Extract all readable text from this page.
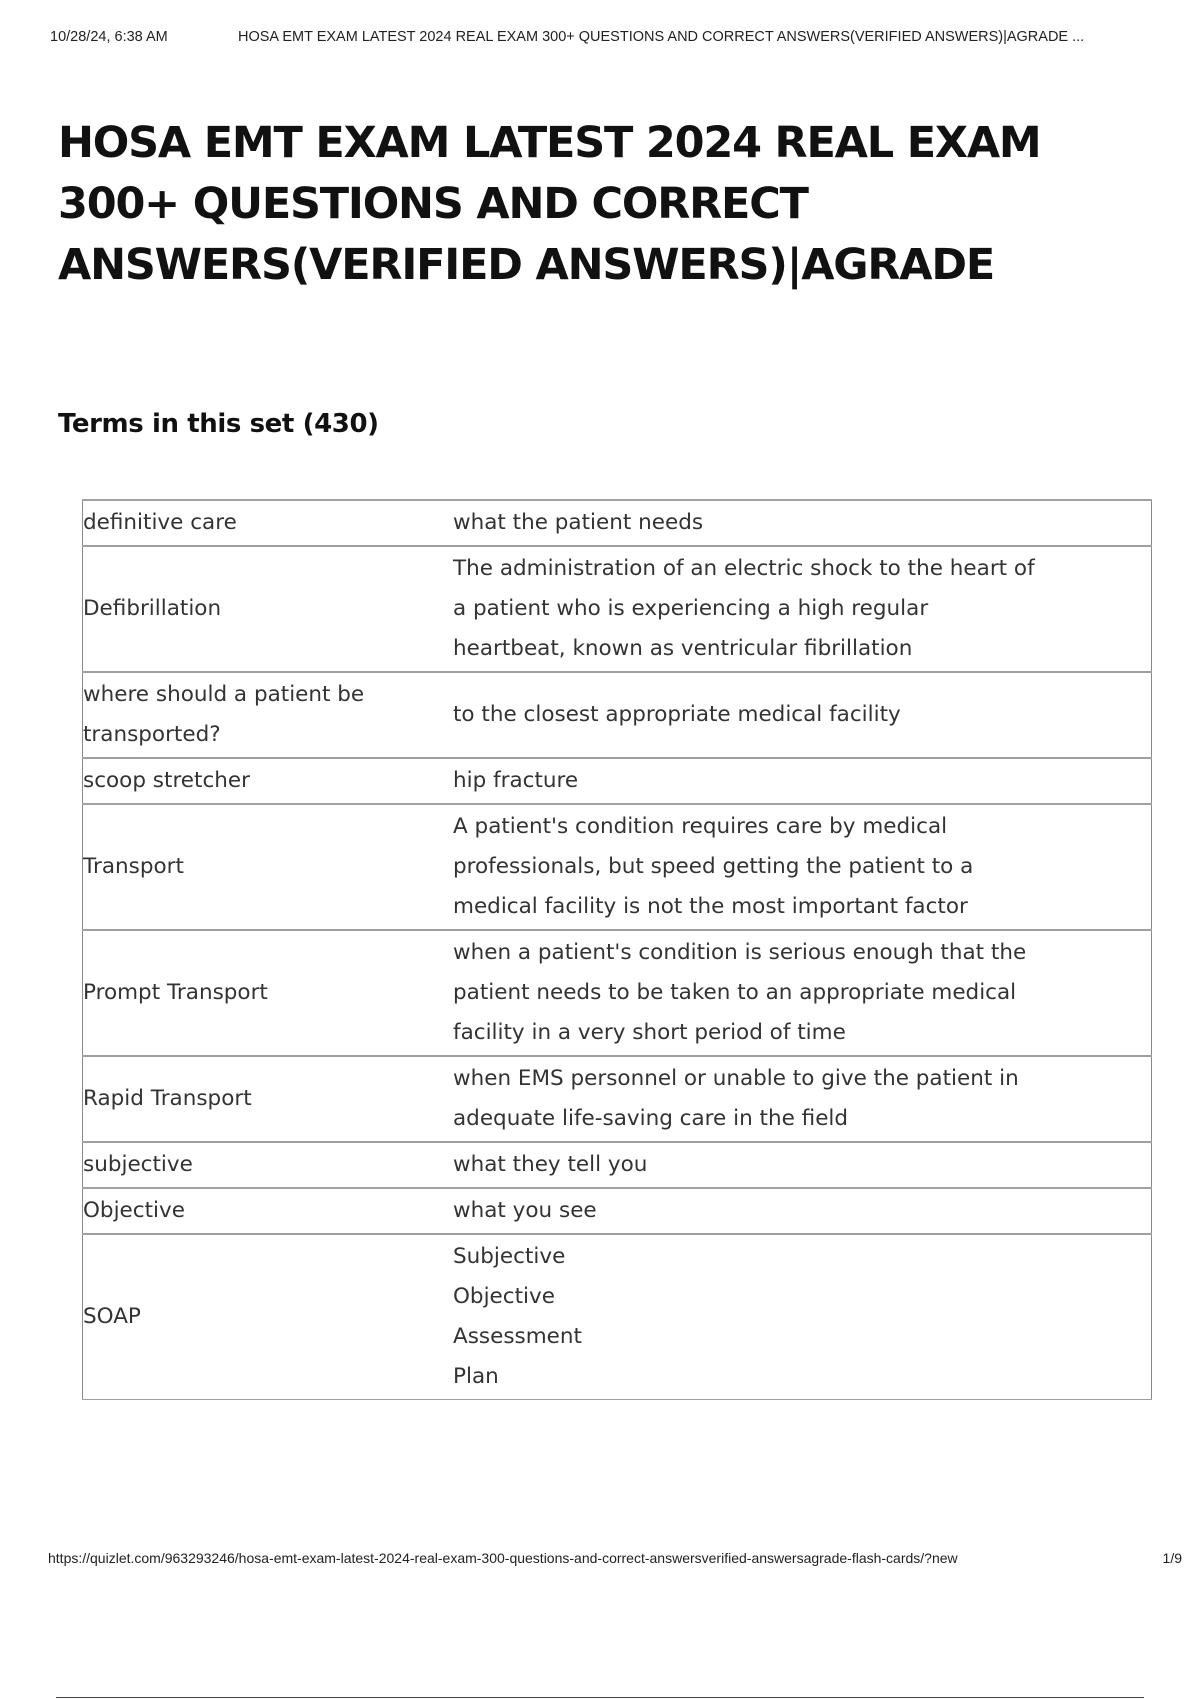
10/28/24, 6:38 AM	HOSA EMT EXAM LATEST 2024 REAL EXAM 300+ QUESTIONS AND CORRECT ANSWERS(VERIFIED ANSWERS)|AGRADE ...
HOSA EMT EXAM LATEST 2024 REAL EXAM 300+ QUESTIONS AND CORRECT ANSWERS(VERIFIED ANSWERS)|AGRADE
Terms in this set (430)
definitive care	what the patient needs

Defibrillation	The administration of an electric shock to the heart of
a patient who is experiencing a high regular
heartbeat, known as ventricular fibrillation

where should a patient be transported?	to the closest appropriate medical facility

scoop stretcher	hip fracture

Transport	A patient's condition requires care by medical
professionals, but speed getting the patient to a
medical facility is not the most important factor

Prompt Transport	when a patient's condition is serious enough that the
patient needs to be taken to an appropriate medical
facility in a very short period of time

Rapid Transport	when EMS personnel or unable to give the patient in
adequate life-saving care in the field

subjective	what they tell you

Objective	what you see

SOAP	Subjective
Objective
Assessment
Plan
https://quizlet.com/963293246/hosa-emt-exam-latest-2024-real-exam-300-questions-and-correct-answersverified-answersagrade-flash-cards/?new	1/9
